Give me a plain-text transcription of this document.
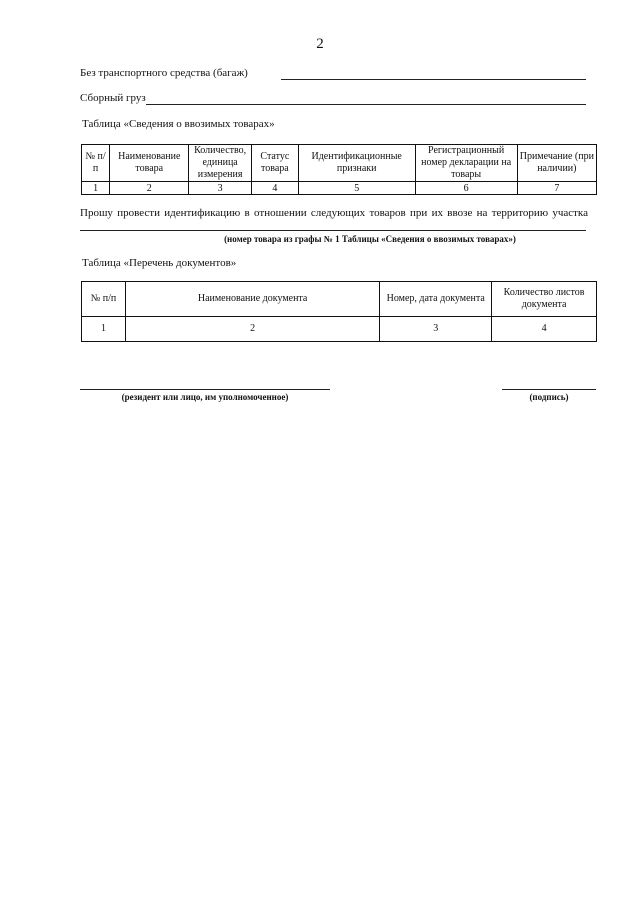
2
Без транспортного средства (багаж)
Сборный груз
Таблица «Сведения о ввозимых товарах»
№ п/п	Наименование товара	Количество, единица измерения	Статус товара	Идентификационные признаки	Регистрационный номер декларации на товары	Примечание (при наличии)
1	2	3	4	5	6	7
Прошу провести идентификацию в отношении следующих товаров при их ввозе на территорию участка
(номер товара из графы № 1 Таблицы «Сведения о ввозимых товарах»)
Таблица «Перечень документов»
№ п/п	Наименование документа	Номер, дата документа	Количество листов документа
1	2	3	4
(резидент или лицо, им уполномоченное)	(подпись)
